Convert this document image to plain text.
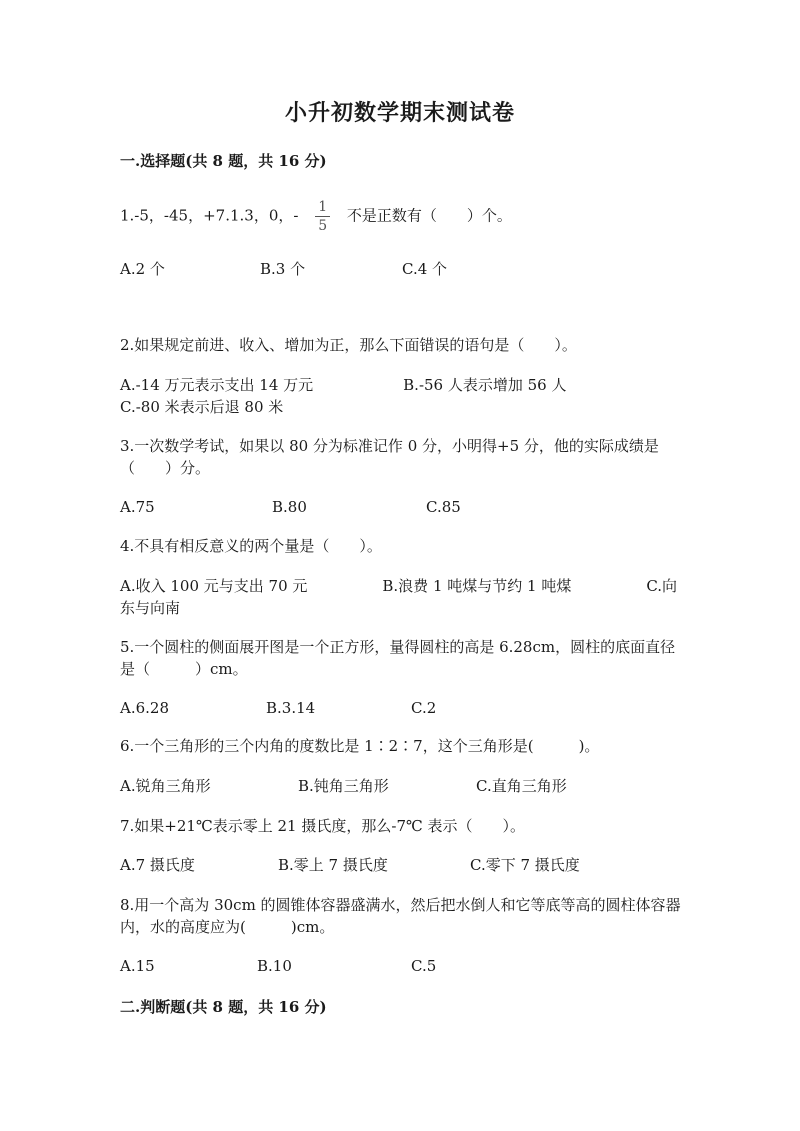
小升初数学期末测试卷
一.选择题(共 8 题，共 16 分)
1.-5，-45，+7.1.3，0，- $\frac{1}{5}$ 不是正数有（　　）个。
A.2 个	B.3 个	C.4 个
2.如果规定前进、收入、增加为正，那么下面错误的语句是（　　）。
A.-14 万元表示支出 14 万元　　　　　　B.-56 人表示增加 56 人　　　　　　　C.-80 米表示后退 80 米
3.一次数学考试，如果以 80 分为标准记作 0 分，小明得+5 分，他的实际成绩是（　　）分。
A.75	B.80	C.85
4.不具有相反意义的两个量是（　　）。
A.收入 100 元与支出 70 元　　　　　B.浪费 1 吨煤与节约 1 吨煤　　　　　C.向东与向南
5.一个圆柱的侧面展开图是一个正方形，量得圆柱的高是 6.28cm，圆柱的底面直径是（　　　）cm。
A.6.28	B.3.14	C.2
6.一个三角形的三个内角的度数比是 1∶2∶7，这个三角形是(　　　)。
A.锐角三角形	B.钝角三角形	C.直角三角形
7.如果+21℃表示零上 21 摄氏度，那么-7℃ 表示（　　）。
A.7 摄氏度	B.零上 7 摄氏度	C.零下 7 摄氏度
8.用一个高为 30cm 的圆锥体容器盛满水，然后把水倒人和它等底等高的圆柱体容器内，水的高度应为(　　　)cm。
A.15	B.10	C.5
二.判断题(共 8 题，共 16 分)
